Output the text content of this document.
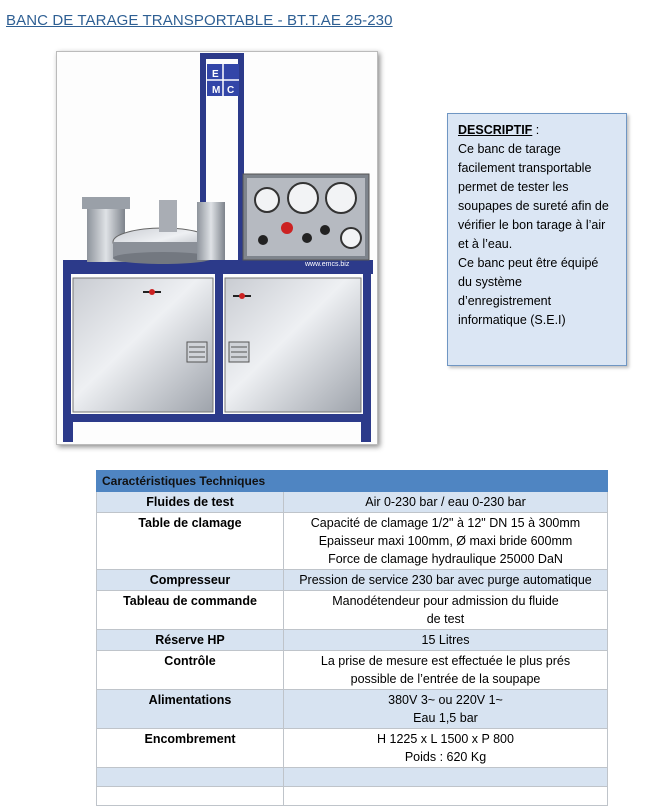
BANC DE TARAGE TRANSPORTABLE - BT.T.AE 25-230
E
M C
www.emcs.biz
DESCRIPTIF :
Ce banc de tarage
facilement transportable
permet de tester les
soupapes de sureté afin de
vérifier le bon tarage à l’air
et à l’eau.
Ce banc peut être équipé
du système
d’enregistrement
informatique (S.E.I)
Caractéristiques Techniques	
Fluides de test	Air 0-230 bar / eau 0-230 bar

Table de clamage	Capacité de clamage 1/2" à 12" DN 15 à 300mm
Epaisseur maxi 100mm, Ø maxi bride 600mm
Force de clamage hydraulique 25000 DaN

Compresseur	Pression de service 230 bar avec purge automatique

Tableau de commande	Manodétendeur pour admission du fluide
de test

Réserve HP	15 Litres

Contrôle	La prise de mesure est effectuée le plus prés
possible de l’entrée de la soupape

Alimentations	380V 3~ ou 220V 1~
Eau 1,5 bar

Encombrement	H 1225 x L 1500 x P 800
Poids : 620 Kg
